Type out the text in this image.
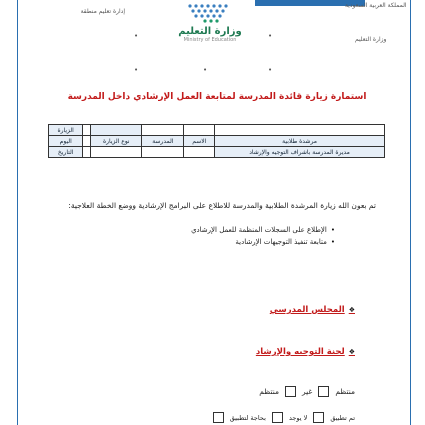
المملكة العربية السعودية
إدارة تعليم منطقة
وزارة التعليم
وزارة التعليم
Ministry of Education
•	•
•	•	•
استمارة زيارة قائدة المدرسة لمتابعة العمل الإرشادي داخل المدرسة
					الزيارة
مرشدة طلابية	الاسم	المدرسة	نوع الزيارة		اليوم
مديرة المدرسة باشراف التوجيه والإرشاد					التاريخ
تم بعون الله زيارة المرشدة الطلابية والمدرسة للاطلاع على البرامج الإرشادية ووضع الخطة العلاجية:
•الإطلاع على السجلات المنظمة للعمل الإرشادي
•متابعة تنفيذ التوجيهات الإرشادية
❖المجلس المدرسي
❖لجنة التوجيه والإرشاد
منتظم
غير
منتظم
تم تطبيق
لا يوجد
بحاجة لتطبيق
